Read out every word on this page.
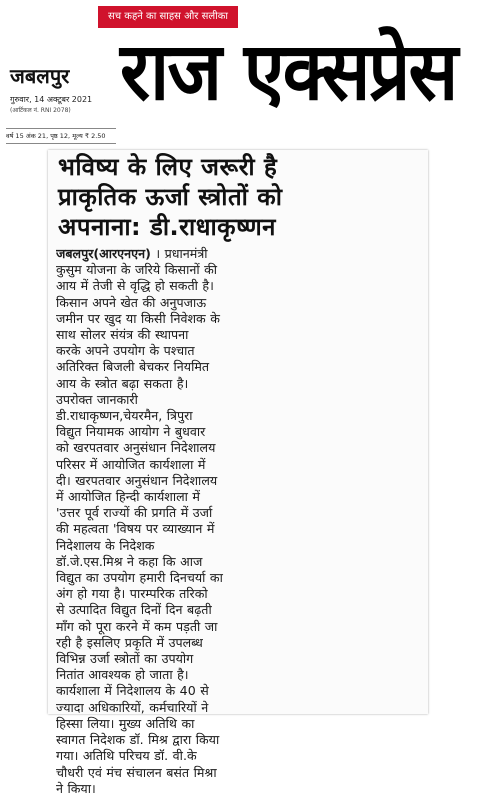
सच कहने का साहस और सलीका
राज एक्सप्रेस
जबलपुर
गुरुवार, 14 अक्टूबर 2021
(आर्टिकल नं. RNI 2078)
वर्ष 15 अंक 21, पृष्ठ 12, मूल्य ₹ 2.50
भविष्य के लिए जरूरी है
प्राकृतिक ऊर्जा स्त्रोतों को
अपनाना: डी.राधाकृष्णन
जबलपुर(आरएनएन) । प्रधानमंत्री
कुसुम योजना के जरिये किसानों की
आय में तेजी से वृद्धि हो सकती है।
किसान अपने खेत की अनुपजाऊ
जमीन पर खुद या किसी निवेशक के
साथ सोलर संयंत्र की स्थापना
करके अपने उपयोग के पश्चात
अतिरिक्त बिजली बेचकर नियमित
आय के स्त्रोत बढ़ा सकता है।
उपरोक्त जानकारी
डी.राधाकृष्णन,चेयरमैन, त्रिपुरा
विद्युत नियामक आयोग ने बुधवार
को खरपतवार अनुसंधान निदेशालय
परिसर में आयोजित कार्यशाला में
दी। खरपतवार अनुसंधान निदेशालय
में आयोजित हिन्दी कार्यशाला में
'उत्तर पूर्व राज्यों की प्रगति में उर्जा
की महत्वता 'विषय पर व्याख्यान में
निदेशालय के निदेशक
डॉ.जे.एस.मिश्र ने कहा कि आज
विद्युत का उपयोग हमारी दिनचर्या का
अंग हो गया है। पारम्परिक तरिको
से उत्पादित विद्युत दिनों दिन बढ़ती
मॉंग को पूरा करने में कम पड़ती जा
रही है इसलिए प्रकृति में उपलब्ध
विभिन्न उर्जा स्त्रोतों का उपयोग
नितांत आवश्यक हो जाता है।
कार्यशाला में निदेशालय के 40 से
ज्यादा अधिकारियों, कर्मचारियों ने
हिस्सा लिया। मुख्य अतिथि का
स्वागत निदेशक डॉ. मिश्र द्वारा किया
गया। अतिथि परिचय डॉ. वी.के
चौधरी एवं मंच संचालन बसंत मिश्रा
ने किया।
